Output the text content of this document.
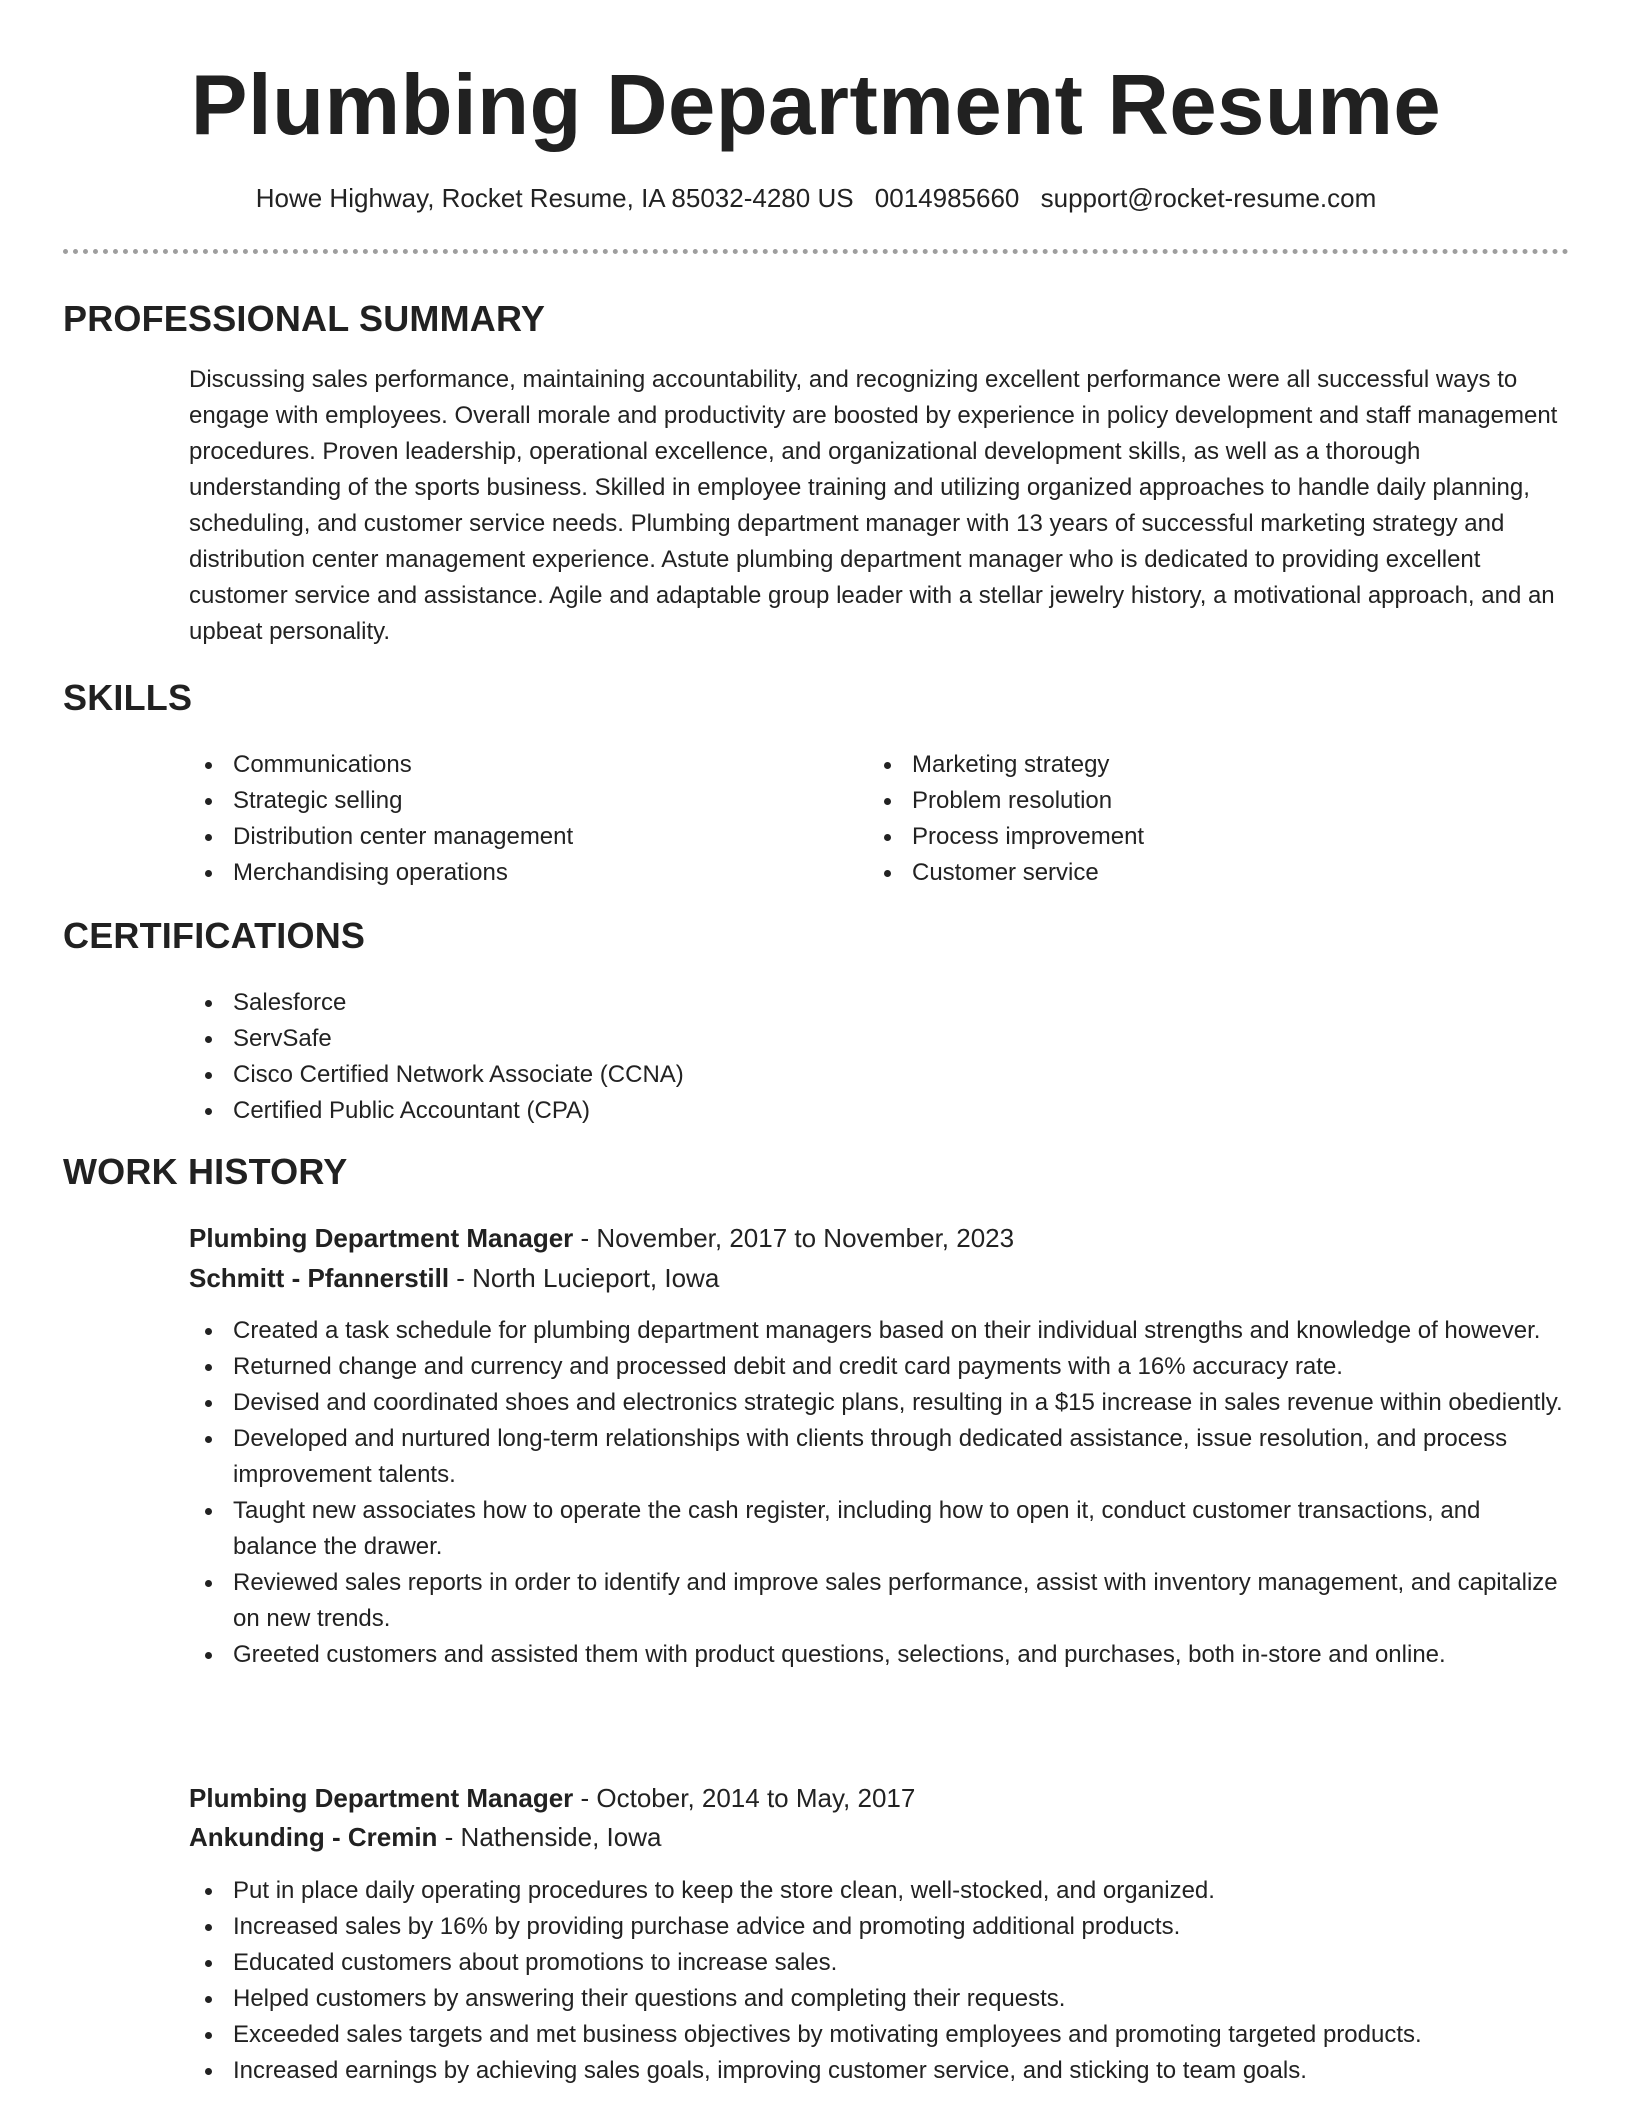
Plumbing Department Resume
Howe Highway, Rocket Resume, IA 85032-4280 US 0014985660 support@rocket-resume.com
PROFESSIONAL SUMMARY

Discussing sales performance, maintaining accountability, and recognizing excellent performance were all successful ways to engage with employees. Overall morale and productivity are boosted by experience in policy development and staff management procedures. Proven leadership, operational excellence, and organizational development skills, as well as a thorough understanding of the sports business. Skilled in employee training and utilizing organized approaches to handle daily planning, scheduling, and customer service needs. Plumbing department manager with 13 years of successful marketing strategy and distribution center management experience. Astute plumbing department manager who is dedicated to providing excellent customer service and assistance. Agile and adaptable group leader with a stellar jewelry history, a motivational approach, and an upbeat personality.

SKILLS
Communications
Strategic selling
Distribution center management
Merchandising operations
Marketing strategy
Problem resolution
Process improvement
Customer service
CERTIFICATIONS
Salesforce
ServSafe
Cisco Certified Network Associate (CCNA)
Certified Public Accountant (CPA)
WORK HISTORY
Plumbing Department Manager - November, 2017 to November, 2023
Schmitt - Pfannerstill - North Lucieport, Iowa
Created a task schedule for plumbing department managers based on their individual strengths and knowledge of however.
Returned change and currency and processed debit and credit card payments with a 16% accuracy rate.
Devised and coordinated shoes and electronics strategic plans, resulting in a $15 increase in sales revenue within obediently.
Developed and nurtured long-term relationships with clients through dedicated assistance, issue resolution, and process improvement talents.
Taught new associates how to operate the cash register, including how to open it, conduct customer transactions, and balance the drawer.
Reviewed sales reports in order to identify and improve sales performance, assist with inventory management, and capitalize on new trends.
Greeted customers and assisted them with product questions, selections, and purchases, both in-store and online.
Plumbing Department Manager - October, 2014 to May, 2017
Ankunding - Cremin - Nathenside, Iowa
Put in place daily operating procedures to keep the store clean, well-stocked, and organized.
Increased sales by 16% by providing purchase advice and promoting additional products.
Educated customers about promotions to increase sales.
Helped customers by answering their questions and completing their requests.
Exceeded sales targets and met business objectives by motivating employees and promoting targeted products.
Increased earnings by achieving sales goals, improving customer service, and sticking to team goals.
